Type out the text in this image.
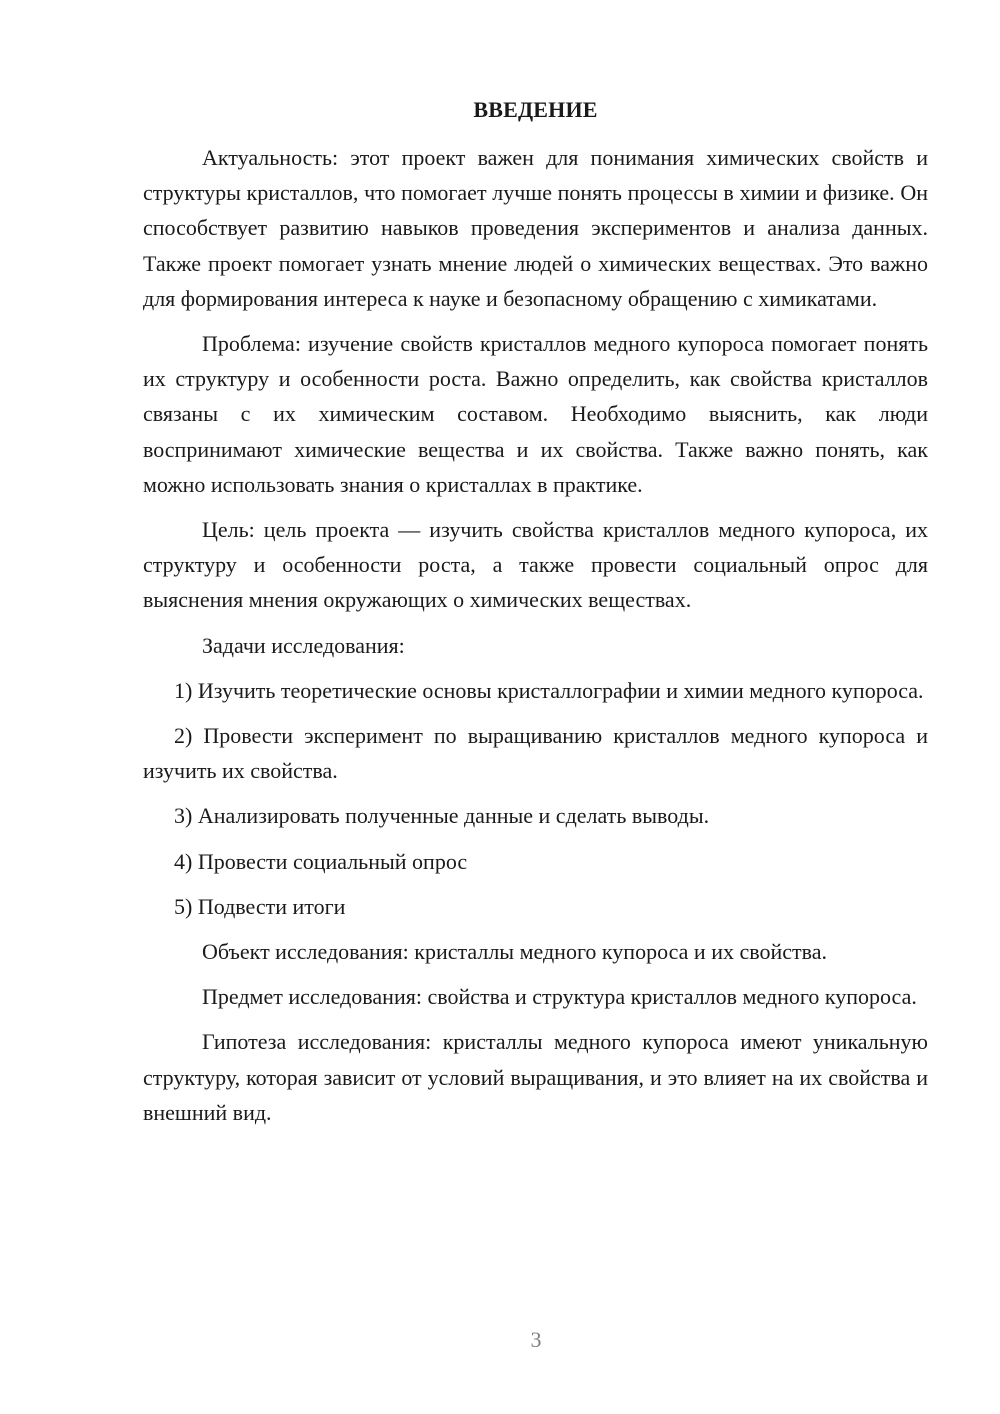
ВВЕДЕНИЕ

Актуальность: этот проект важен для понимания химических свойств и структуры кристаллов, что помогает лучше понять процессы в химии и физике. Он способствует развитию навыков проведения экспериментов и анализа данных. Также проект помогает узнать мнение людей о химических веществах. Это важно для формирования интереса к науке и безопасному обращению с химикатами.

Проблема: изучение свойств кристаллов медного купороса помогает понять их структуру и особенности роста. Важно определить, как свойства кристаллов связаны с их химическим составом. Необходимо выяснить, как люди воспринимают химические вещества и их свойства. Также важно понять, как можно использовать знания о кристаллах в практике.

Цель: цель проекта — изучить свойства кристаллов медного купороса, их структуру и особенности роста, а также провести социальный опрос для выяснения мнения окружающих о химических веществах.

Задачи исследования:

1) Изучить теоретические основы кристаллографии и химии медного купороса.

2) Провести эксперимент по выращиванию кристаллов медного купороса и изучить их свойства.

3) Анализировать полученные данные и сделать выводы.

4) Провести социальный опрос

5) Подвести итоги

Объект исследования: кристаллы медного купороса и их свойства.

Предмет исследования: свойства и структура кристаллов медного купороса.

Гипотеза исследования: кристаллы медного купороса имеют уникальную структуру, которая зависит от условий выращивания, и это влияет на их свойства и внешний вид.

3
